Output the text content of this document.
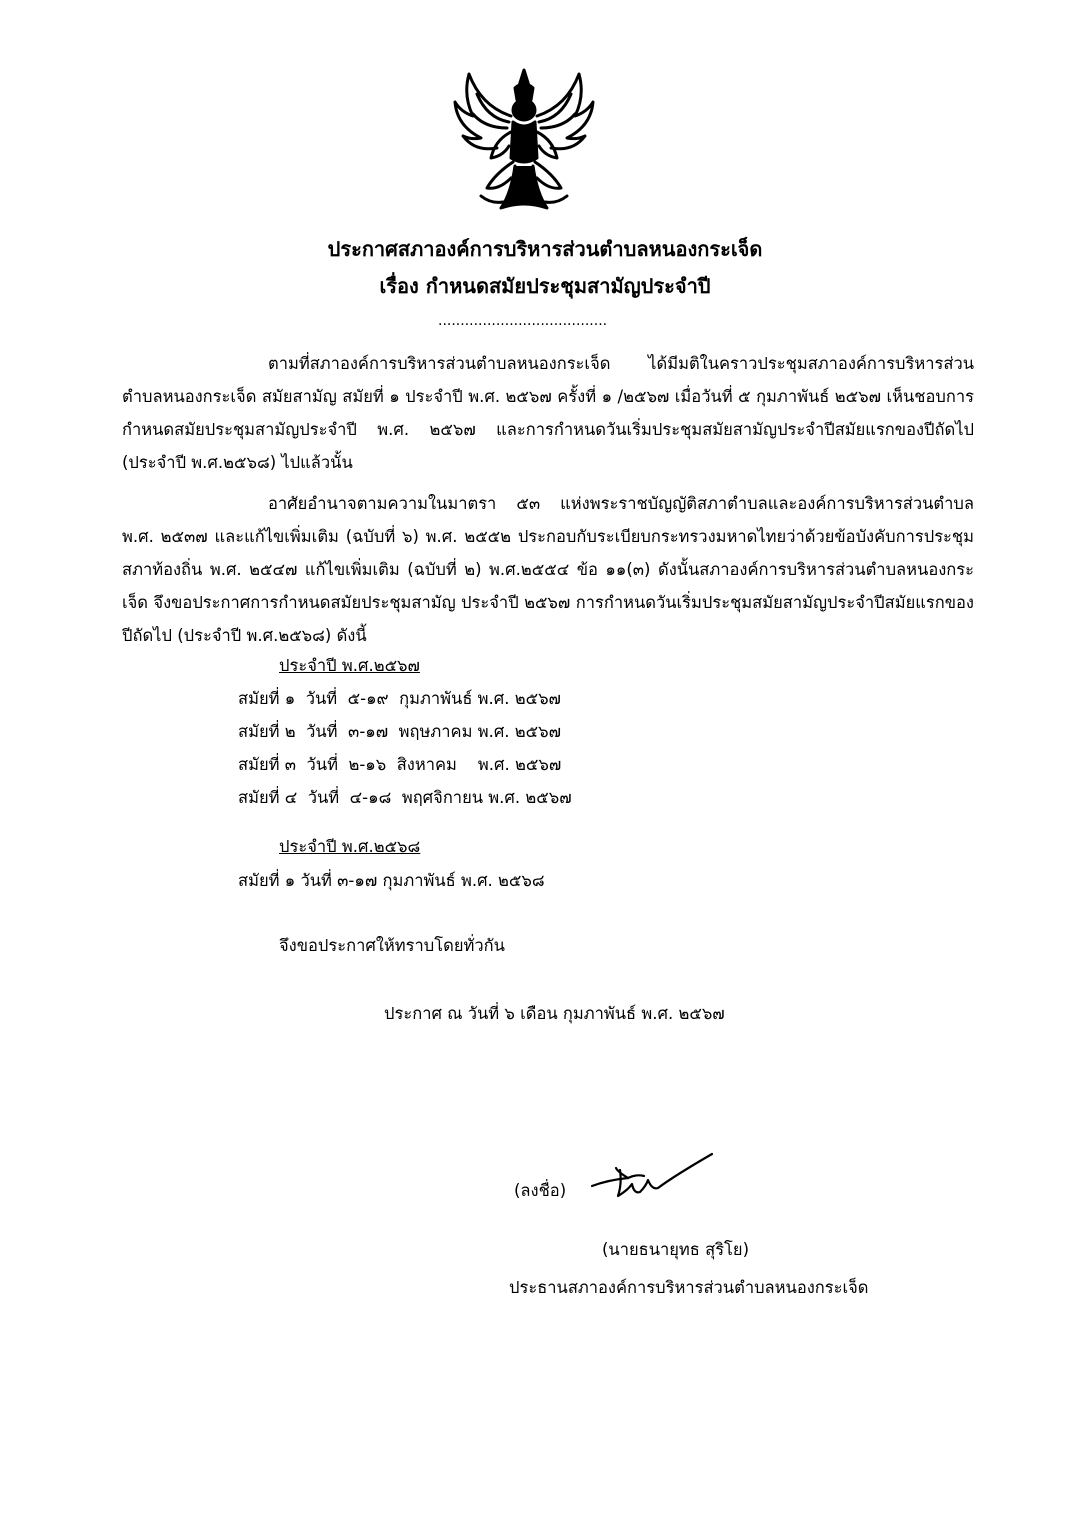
ประกาศสภาองค์การบริหารส่วนตำบลหนองกระเจ็ด
เรื่อง กำหนดสมัยประชุมสามัญประจำปี
......................................

ตามที่สภาองค์การบริหารส่วนตำบลหนองกระเจ็ด ได้มีมติในคราวประชุมสภาองค์การบริหารส่วนตำบลหนองกระเจ็ด สมัยสามัญ สมัยที่ ๑ ประจำปี พ.ศ. ๒๕๖๗ ครั้งที่ ๑ /๒๕๖๗ เมื่อวันที่ ๕ กุมภาพันธ์ ๒๕๖๗ เห็นชอบการกำหนดสมัยประชุมสามัญประจำปี พ.ศ. ๒๕๖๗ และการกำหนดวันเริ่มประชุมสมัยสามัญประจำปีสมัยแรกของปีถัดไป (ประจำปี พ.ศ.๒๕๖๘) ไปแล้วนั้น

อาศัยอำนาจตามความในมาตรา ๕๓ แห่งพระราชบัญญัติสภาตำบลและองค์การบริหารส่วนตำบล พ.ศ. ๒๕๓๗ และแก้ไขเพิ่มเติม (ฉบับที่ ๖) พ.ศ. ๒๕๕๒ ประกอบกับระเบียบกระทรวงมหาดไทยว่าด้วยข้อบังคับการประชุมสภาท้องถิ่น พ.ศ. ๒๕๔๗ แก้ไขเพิ่มเติม (ฉบับที่ ๒) พ.ศ.๒๕๕๔ ข้อ ๑๑(๓) ดังนั้นสภาองค์การบริหารส่วนตำบลหนองกระเจ็ด จึงขอประกาศการกำหนดสมัยประชุมสามัญ ประจำปี ๒๕๖๗ การกำหนดวันเริ่มประชุมสมัยสามัญประจำปีสมัยแรกของปีถัดไป (ประจำปี พ.ศ.๒๕๖๘) ดังนี้

ประจำปี พ.ศ.๒๕๖๗
สมัยที่ ๑ วันที่ ๕-๑๙ กุมภาพันธ์ พ.ศ. ๒๕๖๗
สมัยที่ ๒ วันที่ ๓-๑๗ พฤษภาคม พ.ศ. ๒๕๖๗
สมัยที่ ๓ วันที่ ๒-๑๖ สิงหาคม    พ.ศ. ๒๕๖๗
สมัยที่ ๔ วันที่ ๔-๑๘ พฤศจิกายน พ.ศ. ๒๕๖๗
ประจำปี พ.ศ.๒๕๖๘
สมัยที่ ๑ วันที่ ๓-๑๗ กุมภาพันธ์ พ.ศ. ๒๕๖๘
จึงขอประกาศให้ทราบโดยทั่วกัน
ประกาศ ณ วันที่ ๖ เดือน กุมภาพันธ์ พ.ศ. ๒๕๖๗
(ลงชื่อ)
(นายธนายุทธ สุริโย)
ประธานสภาองค์การบริหารส่วนตำบลหนองกระเจ็ด
